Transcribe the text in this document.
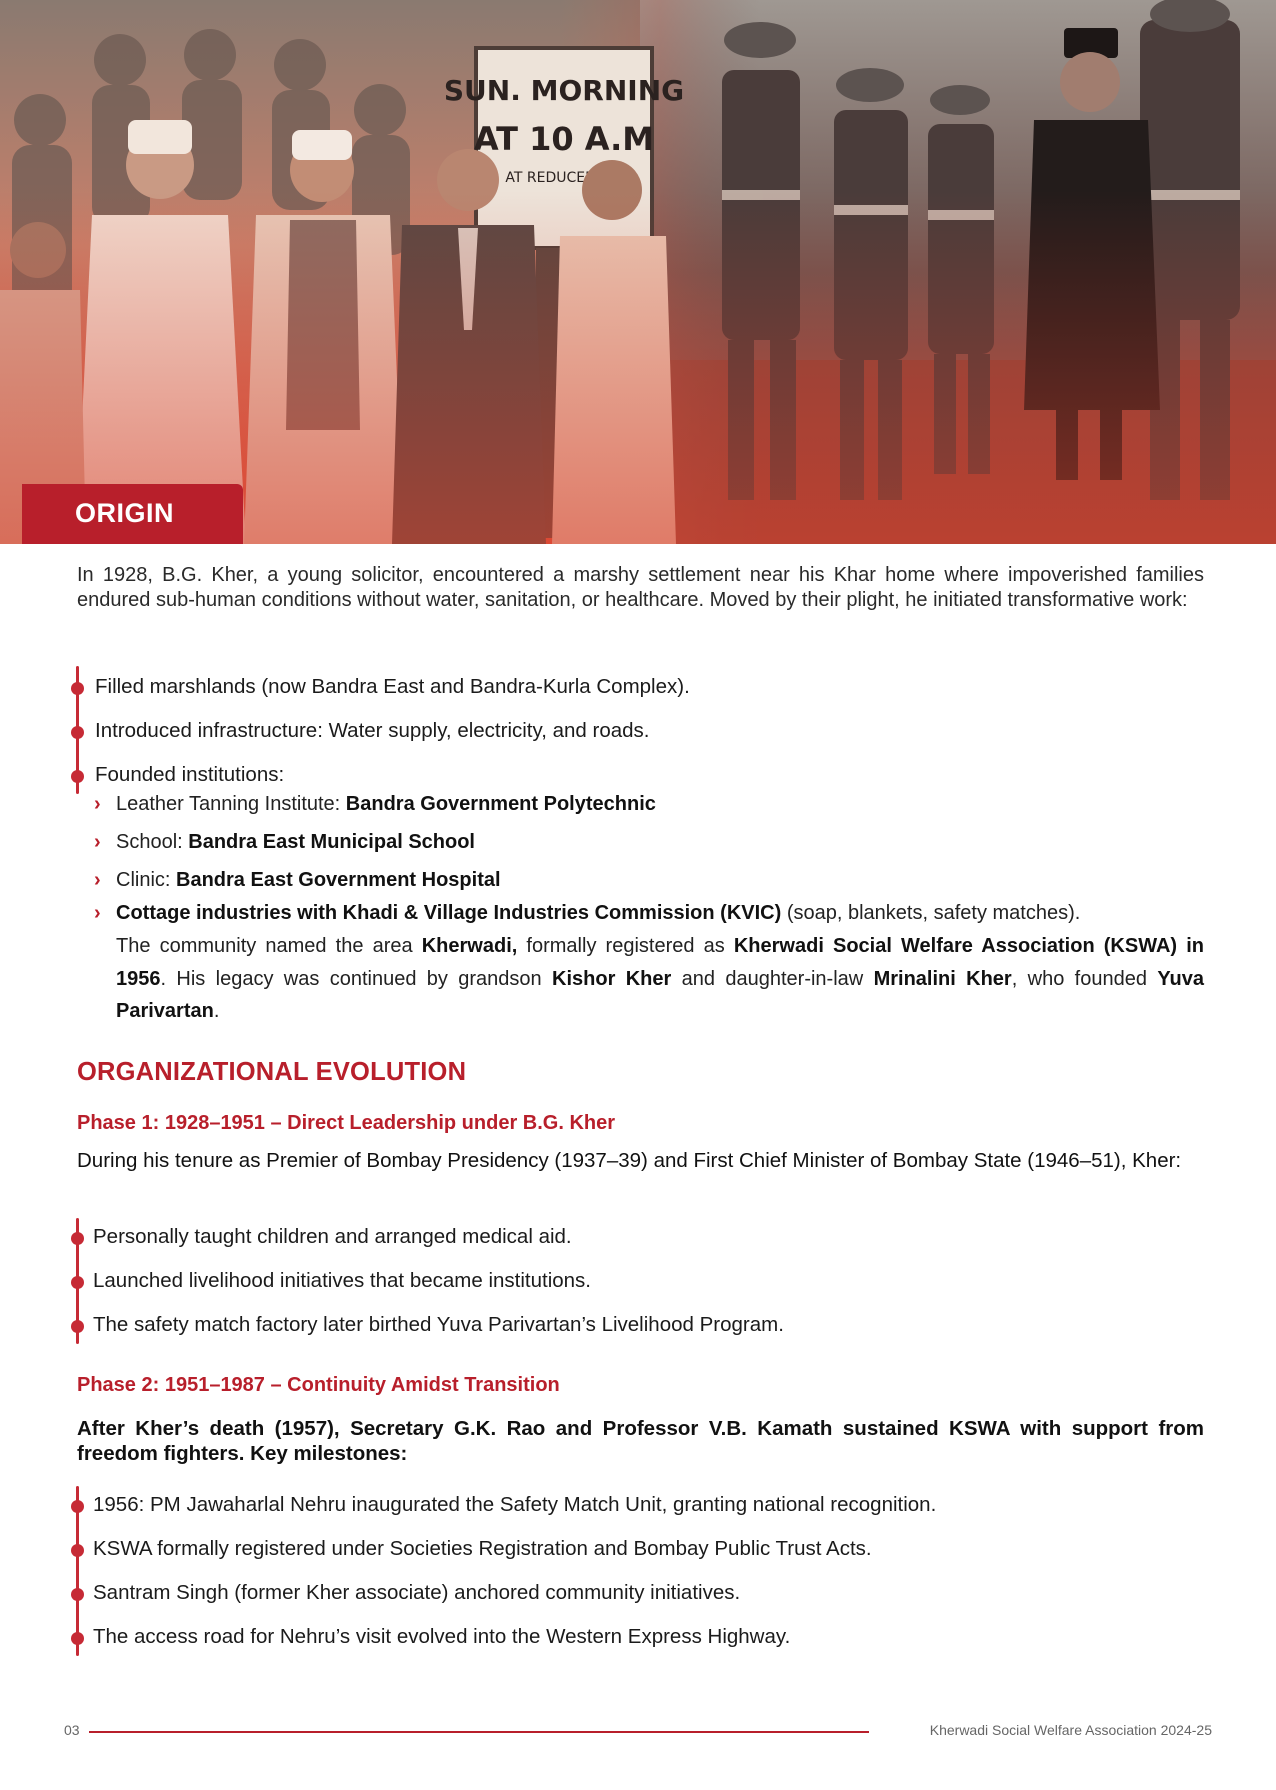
ORIGIN

In 1928, B.G. Kher, a young solicitor, encountered a marshy settlement near his Khar home where impoverished families endured sub-human conditions without water, sanitation, or healthcare. Moved by their plight, he initiated transformative work:

Filled marshlands (now Bandra East and Bandra-Kurla Complex).
Introduced infrastructure: Water supply, electricity, and roads.
Founded institutions:
› Leather Tanning Institute: Bandra Government Polytechnic
› School: Bandra East Municipal School
› Clinic: Bandra East Government Hospital
› Cottage industries with Khadi & Village Industries Commission (KVIC) (soap, blankets, safety matches).

The community named the area Kherwadi, formally registered as Kherwadi Social Welfare Association (KSWA) in 1956. His legacy was continued by grandson Kishor Kher and daughter-in-law Mrinalini Kher, who founded Yuva Parivartan.

ORGANIZATIONAL EVOLUTION
Phase 1: 1928–1951 – Direct Leadership under B.G. Kher

During his tenure as Premier of Bombay Presidency (1937–39) and First Chief Minister of Bombay State (1946–51), Kher:

Personally taught children and arranged medical aid.
Launched livelihood initiatives that became institutions.
The safety match factory later birthed Yuva Parivartan’s Livelihood Program.
Phase 2: 1951–1987 – Continuity Amidst Transition

After Kher’s death (1957), Secretary G.K. Rao and Professor V.B. Kamath sustained KSWA with support from freedom fighters. Key milestones:

1956: PM Jawaharlal Nehru inaugurated the Safety Match Unit, granting national recognition.
KSWA formally registered under Societies Registration and Bombay Public Trust Acts.
Santram Singh (former Kher associate) anchored community initiatives.
The access road for Nehru’s visit evolved into the Western Express Highway.
03	Kherwadi Social Welfare Association 2024-25
